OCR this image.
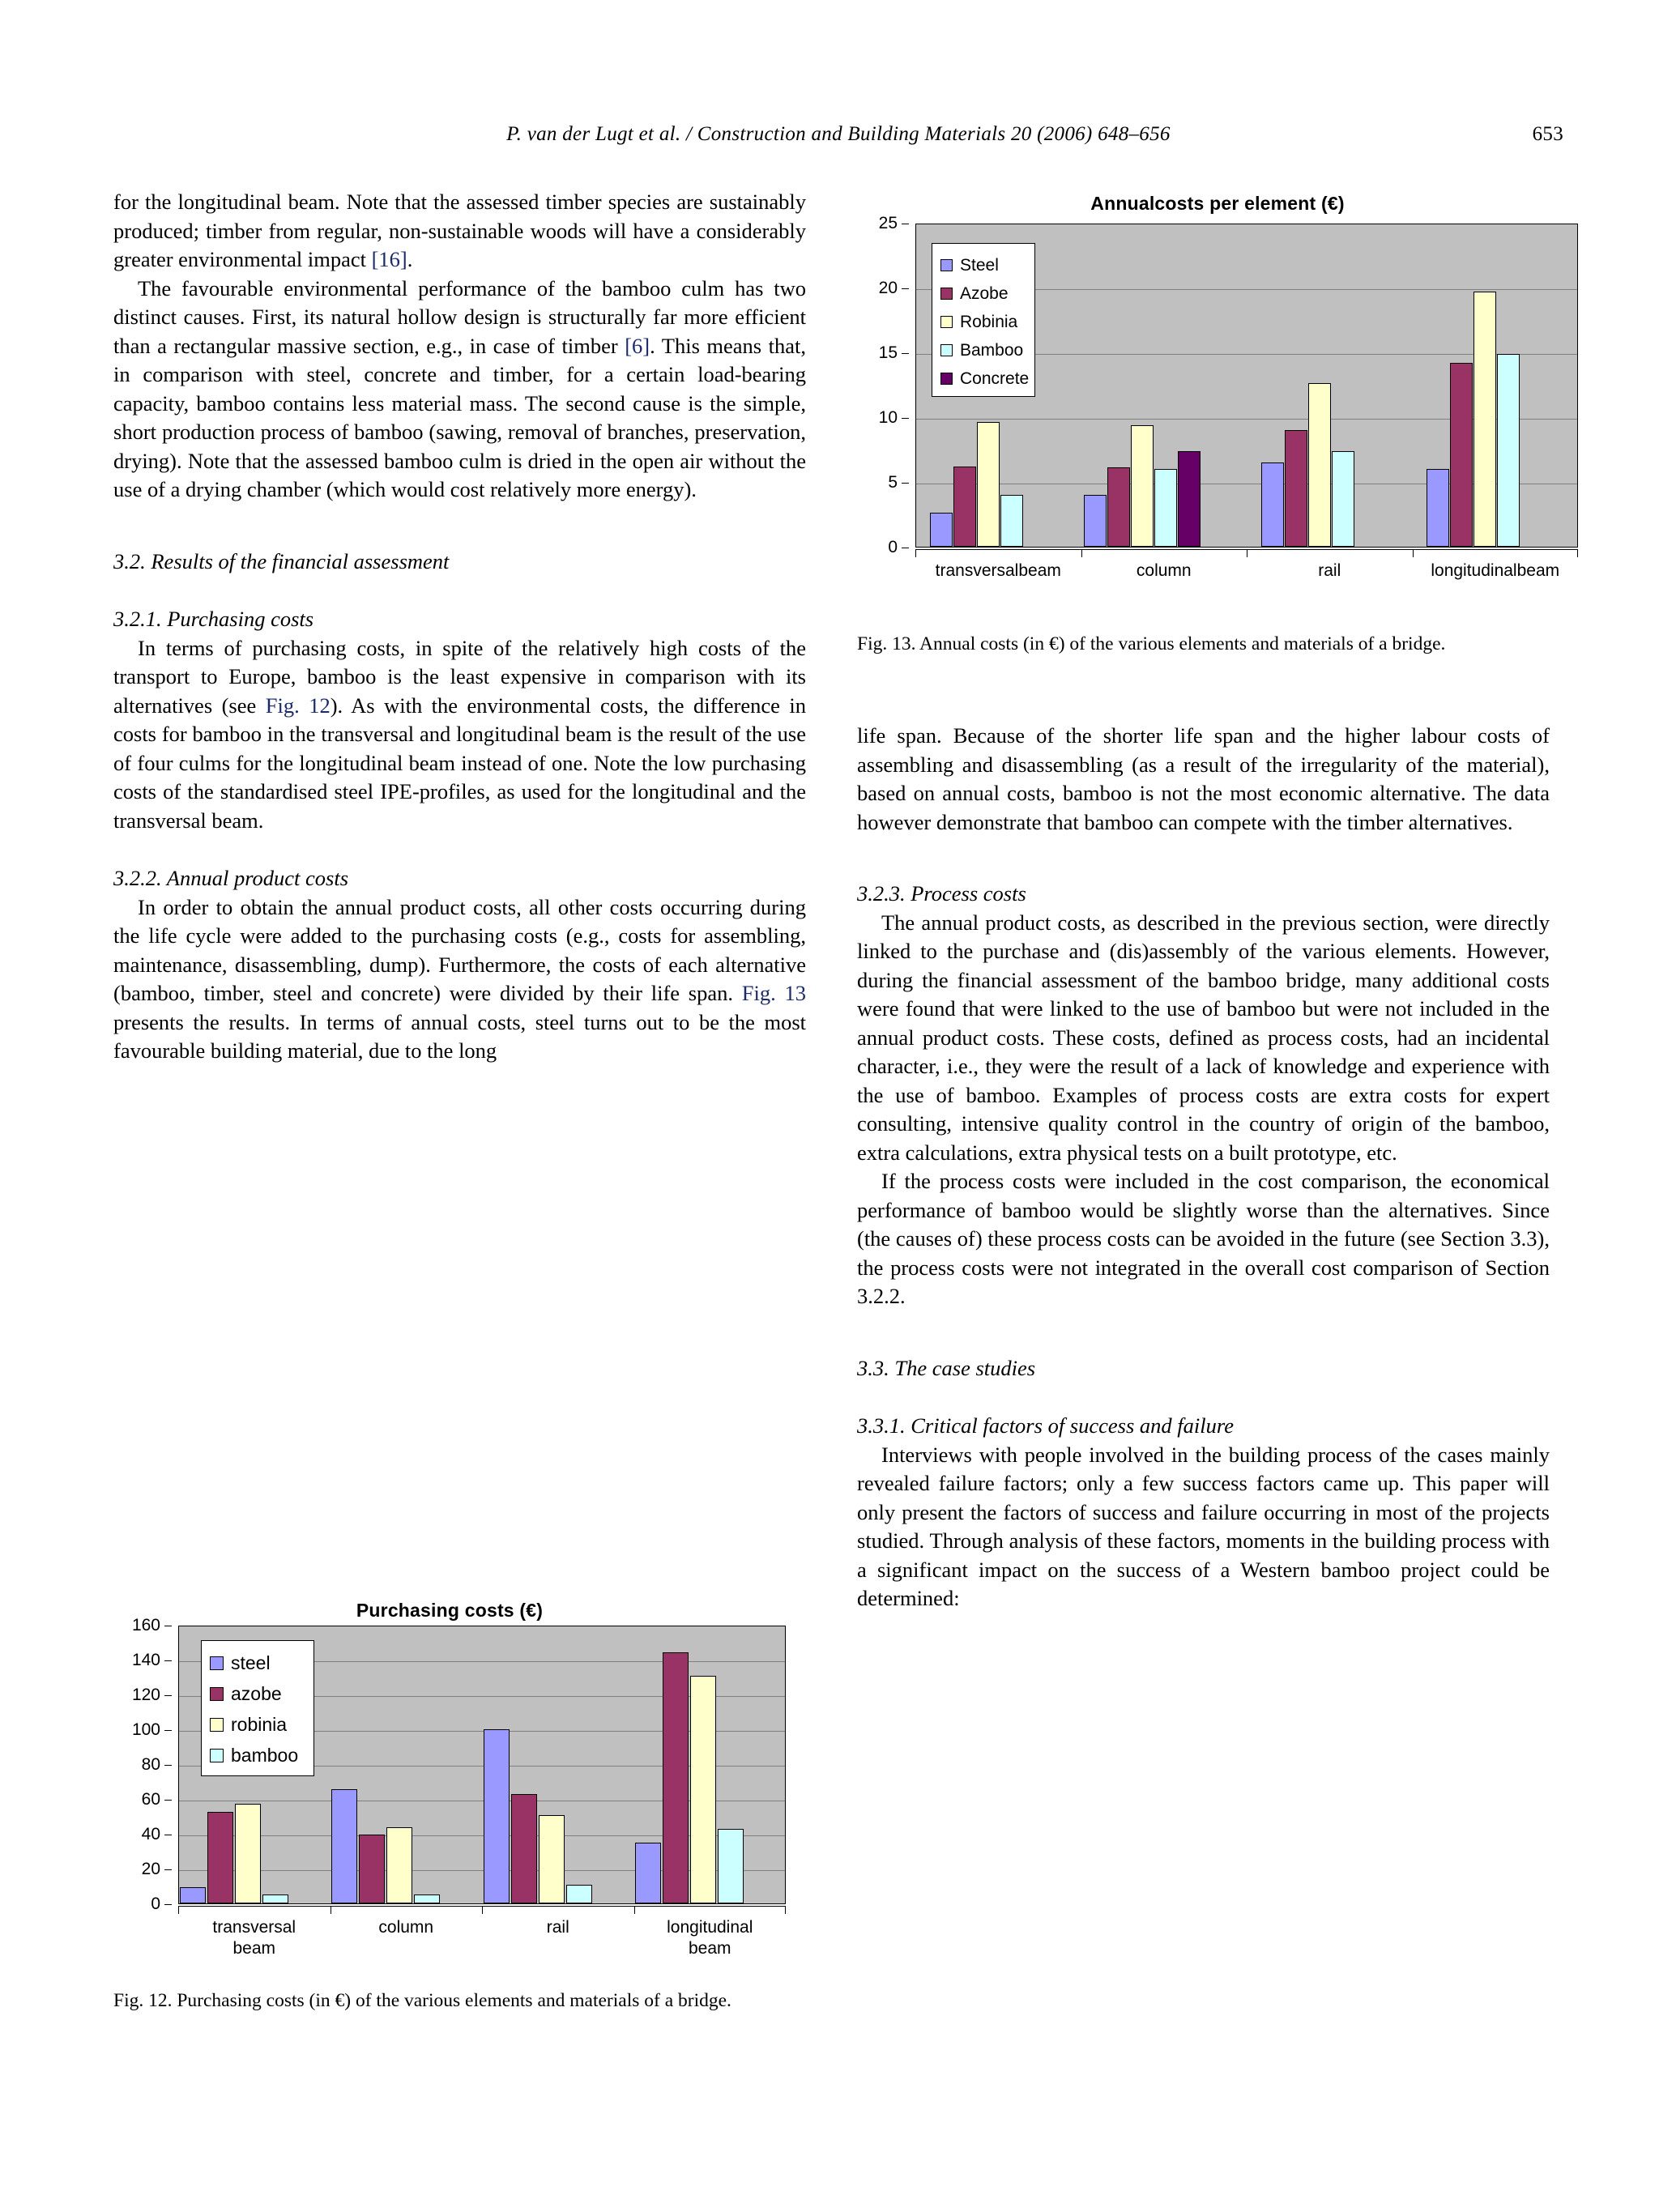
P. van der Lugt et al. / Construction and Building Materials 20 (2006) 648–656	653

for the longitudinal beam. Note that the assessed timber species are sustainably produced; timber from regular, non-sustainable woods will have a considerably greater environmental impact [16].

The favourable environmental performance of the bamboo culm has two distinct causes. First, its natural hollow design is structurally far more efficient than a rectangular massive section, e.g., in case of timber [6]. This means that, in comparison with steel, concrete and timber, for a certain load-bearing capacity, bamboo contains less material mass. The second cause is the simple, short production process of bamboo (sawing, removal of branches, preservation, drying). Note that the assessed bamboo culm is dried in the open air without the use of a drying chamber (which would cost relatively more energy).

3.2. Results of the financial assessment
3.2.1. Purchasing costs

In terms of purchasing costs, in spite of the relatively high costs of the transport to Europe, bamboo is the least expensive in comparison with its alternatives (see Fig. 12). As with the environmental costs, the difference in costs for bamboo in the transversal and longitudinal beam is the result of the use of four culms for the longitudinal beam instead of one. Note the low purchasing costs of the standardised steel IPE-profiles, as used for the longitudinal and the transversal beam.

3.2.2. Annual product costs

In order to obtain the annual product costs, all other costs occurring during the life cycle were added to the purchasing costs (e.g., costs for assembling, maintenance, disassembling, dump). Furthermore, the costs of each alternative (bamboo, timber, steel and concrete) were divided by their life span. Fig. 13 presents the results. In terms of annual costs, steel turns out to be the most favourable building material, due to the long

Fig. 13. Annual costs (in €) of the various elements and materials of a bridge.

life span. Because of the shorter life span and the higher labour costs of assembling and disassembling (as a result of the irregularity of the material), based on annual costs, bamboo is not the most economic alternative. The data however demonstrate that bamboo can compete with the timber alternatives.

3.2.3. Process costs

The annual product costs, as described in the previous section, were directly linked to the purchase and (dis)assembly of the various elements. However, during the financial assessment of the bamboo bridge, many additional costs were found that were linked to the use of bamboo but were not included in the annual product costs. These costs, defined as process costs, had an incidental character, i.e., they were the result of a lack of knowledge and experience with the use of bamboo. Examples of process costs are extra costs for expert consulting, intensive quality control in the country of origin of the bamboo, extra calculations, extra physical tests on a built prototype, etc.

If the process costs were included in the cost comparison, the economical performance of bamboo would be slightly worse than the alternatives. Since (the causes of) these process costs can be avoided in the future (see Section 3.3), the process costs were not integrated in the overall cost comparison of Section 3.2.2.

3.3. The case studies
3.3.1. Critical factors of success and failure

Interviews with people involved in the building process of the cases mainly revealed failure factors; only a few success factors came up. This paper will only present the factors of success and failure occurring in most of the projects studied. Through analysis of these factors, moments in the building process with a significant impact on the success of a Western bamboo project could be determined:

Annualcosts per element (€)
0
5
10
15
20
25
transversalbeam	column	rail	longitudinalbeam
Steel
Azobe
Robinia
Bamboo
Concrete
Purchasing costs (€)
0
20
40
60
80
100
120
140
160
transversal
beam
column	rail	longitudinal
beam
steel
azobe
robinia
bamboo

Fig. 12. Purchasing costs (in €) of the various elements and materials of a bridge.
